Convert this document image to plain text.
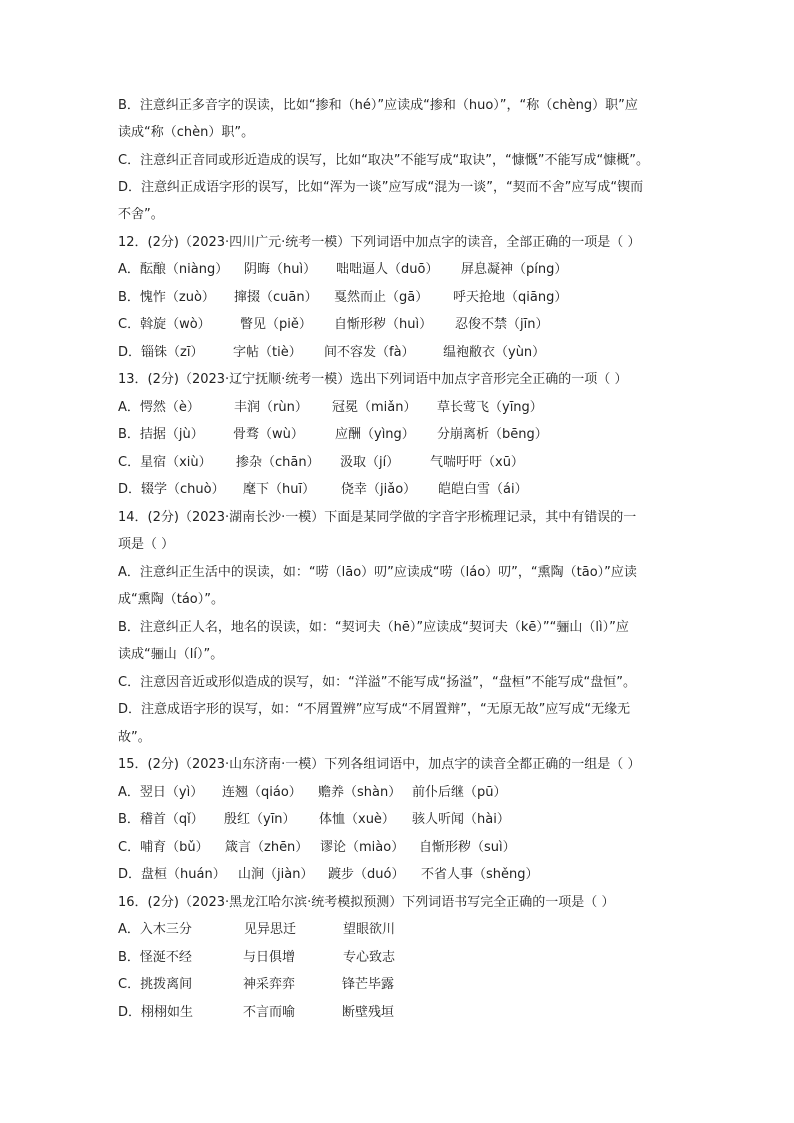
B．注意纠正多音字的误读，比如“掺和（hé）”应读成“掺和（huo）”，“称（chèng）职”应
读成“称（chèn）职”。
C．注意纠正音同或形近造成的误写，比如“取决”不能写成“取诀”，“慷慨”不能写成“慷概”。
D．注意纠正成语字形的误写，比如“浑为一谈”应写成“混为一谈”，“契而不舍”应写成“锲而
不舍”。
12．(2分)（2023·四川广元·统考一模）下列词语中加点字的读音，全部正确的一项是（ ）
A．酝酿（niàng） 阴晦（huì） 咄咄逼人（duō） 屏息凝神（píng）
B．愧怍（zuò） 撺掇（cuān） 戛然而止（gā） 呼天抢地（qiāng）
C．斡旋（wò） 瞥见（piě） 自惭形秽（huì） 忍俊不禁（jīn）
D．锱铢（zī） 字帖（tiè） 间不容发（fà） 缊袍敝衣（yùn）
13．(2分)（2023·辽宁抚顺·统考一模）选出下列词语中加点字音形完全正确的一项（ ）
A．愕然（è）	丰润（rùn） 冠冕（miǎn） 草长莺飞（yīng）
B．拮据（jù） 骨骛（wù） 应酬（yìng） 分崩离析（bēng）
C．星宿（xiù） 掺杂（chān） 汲取（jí） 气喘吁吁（xū）
D．辍学（chuò） 麾下（huī） 侥幸（jiǎo） 皑皑白雪（ái）
14．(2分)（2023·湖南长沙·一模）下面是某同学做的字音字形梳理记录，其中有错误的一
项是（ ）
A．注意纠正生活中的误读，如：“唠（lāo）叨”应读成“唠（láo）叨”，“熏陶（tāo）”应读
成“熏陶（táo）”。
B．注意纠正人名，地名的误读，如：“契诃夫（hē）”应读成“契诃夫（kē）”“骊山（lì）”应
读成“骊山（lí）”。
C．注意因音近或形似造成的误写，如：“洋溢”不能写成“扬溢”，“盘桓”不能写成“盘恒”。
D．注意成语字形的误写，如：“不屑置辨”应写成“不屑置辩”，“无原无故”应写成“无缘无
故”。
15．(2分)（2023·山东济南·一模）下列各组词语中，加点字的读音全都正确的一组是（ ）
A．翌日（yì） 连翘（qiáo） 赡养（shàn） 前仆后继（pū）
B．稽首（qǐ） 殷红（yīn） 体恤（xuè） 骇人听闻（hài）
C．哺育（bǔ） 箴言（zhēn） 谬论（miào） 自惭形秽（suì）
D．盘桓（huán） 山涧（jiàn） 踱步（duó） 不省人事（shěng）
16．(2分)（2023·黑龙江哈尔滨·统考模拟预测）下列词语书写完全正确的一项是（ ）
A．入木三分	见异思迁	望眼欲川
B．怪涎不经	与日俱增	专心致志
C．挑拨离间	神采弈弈	锋芒毕露
D．栩栩如生	不言而喻	断壁残垣
